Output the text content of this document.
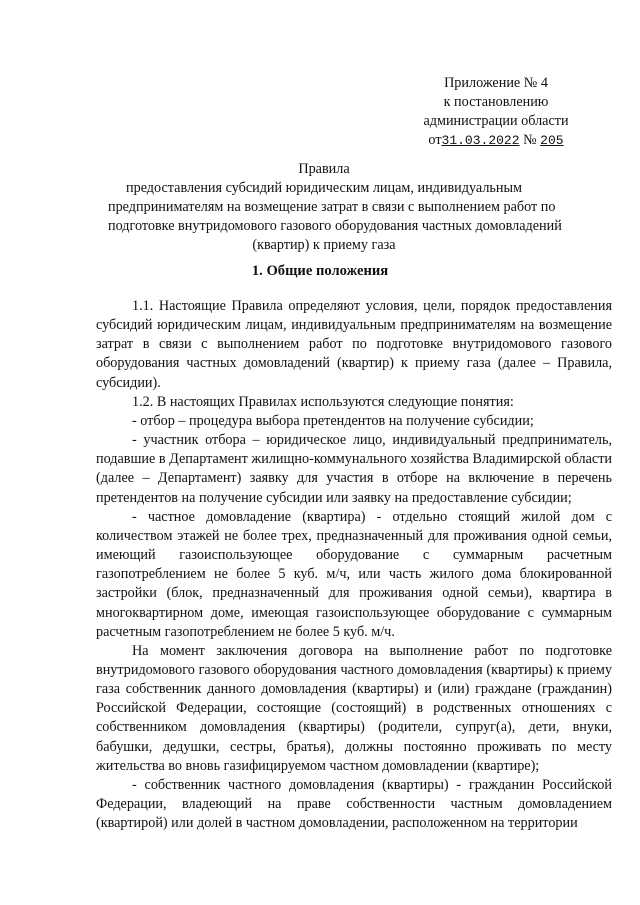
Приложение № 4
к постановлению
администрации области
от31.03.2022 № 205
Правила
предоставления субсидий юридическим лицам, индивидуальным
предпринимателям на возмещение затрат в связи с выполнением работ по
подготовке внутридомового газового оборудования частных домовладений
(квартир) к приему газа
1. Общие положения

1.1. Настоящие Правила определяют условия, цели, порядок предоставления субсидий юридическим лицам, индивидуальным предпринимателям на возмещение затрат в связи с выполнением работ по подготовке внутридомового газового оборудования частных домовладений (квартир) к приему газа (далее – Правила, субсидии).

1.2. В настоящих Правилах используются следующие понятия:

- отбор – процедура выбора претендентов на получение субсидии;

- участник отбора – юридическое лицо, индивидуальный предприниматель, подавшие в Департамент жилищно-коммунального хозяйства Владимирской области (далее – Департамент) заявку для участия в отборе на включение в перечень претендентов на получение субсидии или заявку на предоставление субсидии;

- частное домовладение (квартира) - отдельно стоящий жилой дом с количеством этажей не более трех, предназначенный для проживания одной семьи, имеющий газоиспользующее оборудование с суммарным расчетным газопотреблением не более 5 куб. м/ч, или часть жилого дома блокированной застройки (блок, предназначенный для проживания одной семьи), квартира в многоквартирном доме, имеющая газоиспользующее оборудование с суммарным расчетным газопотреблением не более 5 куб. м/ч.

На момент заключения договора на выполнение работ по подготовке внутридомового газового оборудования частного домовладения (квартиры) к приему газа собственник данного домовладения (квартиры) и (или) граждане (гражданин) Российской Федерации, состоящие (состоящий) в родственных отношениях с собственником домовладения (квартиры) (родители, супруг(а), дети, внуки, бабушки, дедушки, сестры, братья), должны постоянно проживать по месту жительства во вновь газифицируемом частном домовладении (квартире);

- собственник частного домовладения (квартиры) - гражданин Российской Федерации, владеющий на праве собственности частным домовладением (квартирой) или долей в частном домовладении, расположенном на территории
